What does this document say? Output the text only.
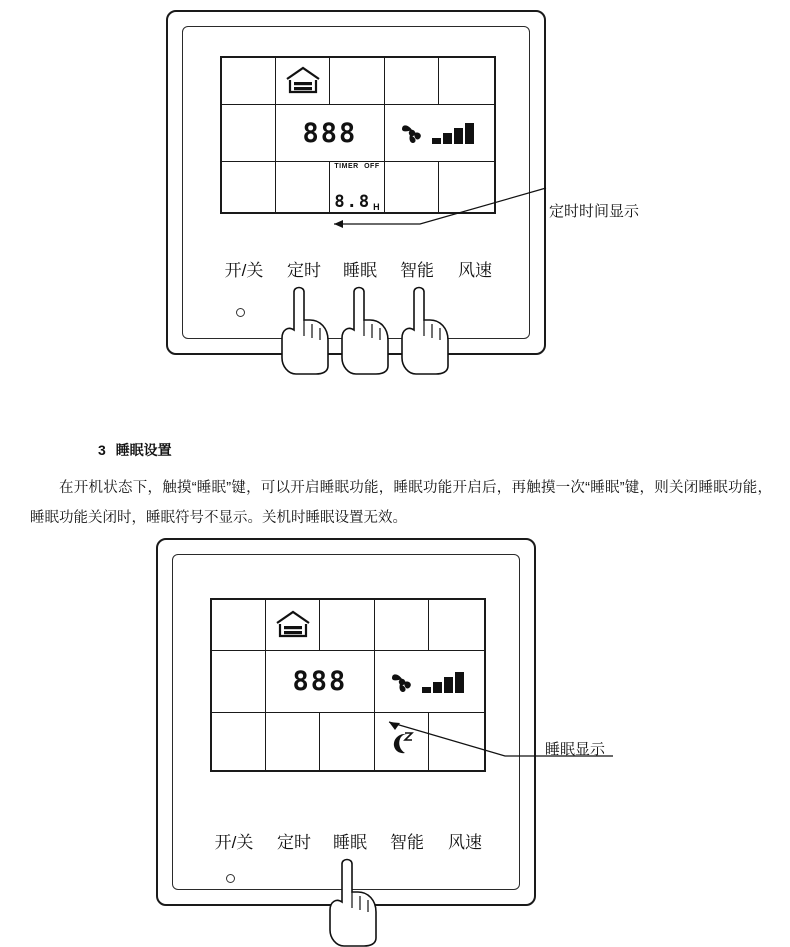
888
TIMER OFF
8.8 H
开/关	定时	睡眠	智能	风速
定时时间显示
3 睡眠设置
在开机状态下，触摸“睡眠”键，可以开启睡眠功能，睡眠功能开启后，再触摸一次“睡眠”键，则关闭睡眠功能，睡眠功能关闭时，睡眠符号不显示。关机时睡眠设置无效。
888
开/关	定时	睡眠	智能	风速
睡眠显示
